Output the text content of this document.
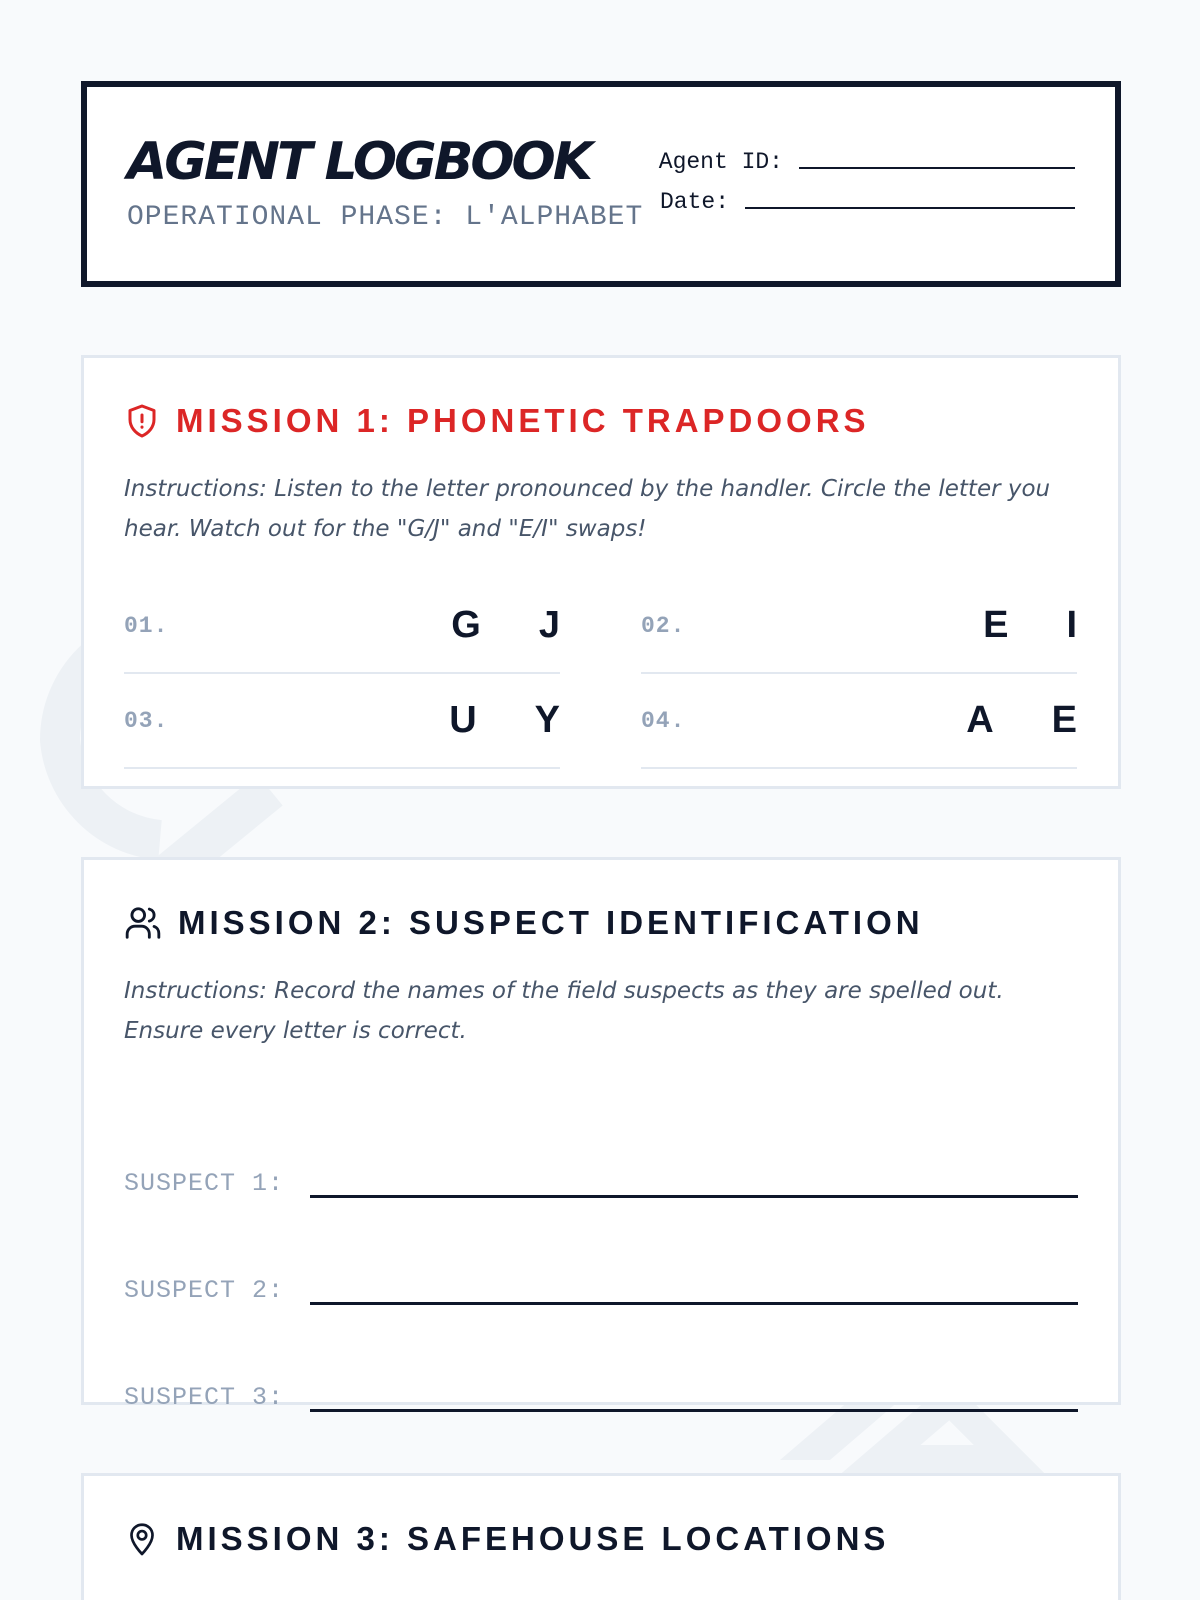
AGENT LOGBOOK
OPERATIONAL PHASE: L'ALPHABET
Agent ID:
Date:
MISSION 1: PHONETIC TRAPDOORS

Instructions: Listen to the letter pronounced by the handler. Circle the letter you hear. Watch out for the "G/J" and "E/I" swaps!

01.	G J	02.	E I
03.	U Y	04.	A E
MISSION 2: SUSPECT IDENTIFICATION

Instructions: Record the names of the field suspects as they are spelled out. Ensure every letter is correct.

SUSPECT 1:
SUSPECT 2:
SUSPECT 3:
MISSION 3: SAFEHOUSE LOCATIONS
